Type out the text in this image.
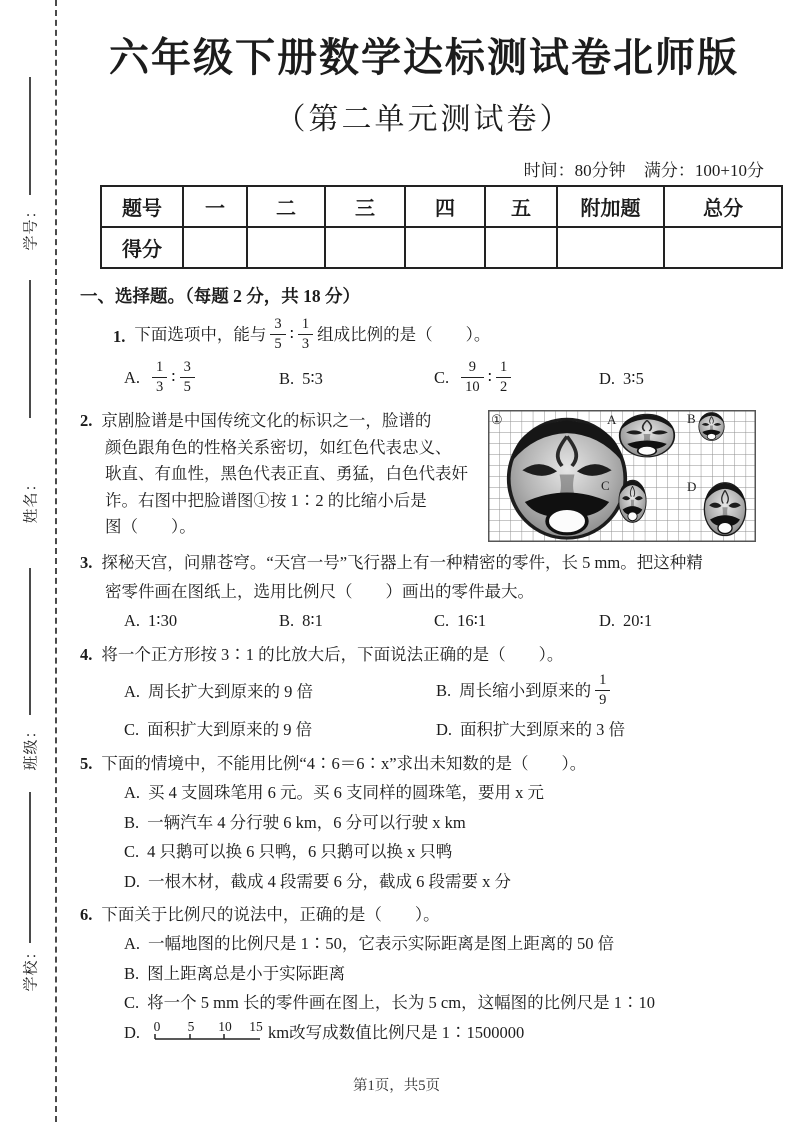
学号：
姓名：
班级：
学校：
六年级下册数学达标测试卷北师版
（第二单元测试卷）
时间：80分钟 满分：100+10分
题号	一	二	三	四	五	附加题	总分
得分							
一、选择题。（每题 2 分，共 18 分）
1. 下面选项中，能与 $\frac{3}{5}$ ∶ $\frac{1}{3}$ 组成比例的是（　　）。
A. $\frac{1}{3}$ ∶ $\frac{3}{5}$	B. 5∶3	C. $\frac{9}{10}$ ∶ $\frac{1}{2}$	D. 3∶5
2. 京剧脸谱是中国传统文化的标识之一，脸谱的
颜色跟角色的性格关系密切，如红色代表忠义、
耿直、有血性，黑色代表正直、勇猛，白色代表奸
诈。右图中把脸谱图①按 1∶2 的比缩小后是
图（　　）。
①	A	B
C	D
3. 探秘天宫，问鼎苍穹。“天宫一号”飞行器上有一种精密的零件，长 5 mm。把这种精
密零件画在图纸上，选用比例尺（　　）画出的零件最大。
A. 1∶30	B. 8∶1	C. 16∶1	D. 20∶1
4. 将一个正方形按 3∶1 的比放大后，下面说法正确的是（　　）。
A. 周长扩大到原来的 9 倍	B. 周长缩小到原来的 $\frac{1}{9}$
C. 面积扩大到原来的 9 倍	D. 面积扩大到原来的 3 倍
5. 下面的情境中，不能用比例“4∶6＝6∶x”求出未知数的是（　　）。
A. 买 4 支圆珠笔用 6 元。买 6 支同样的圆珠笔，要用 x 元
B. 一辆汽车 4 分行驶 6 km，6 分可以行驶 x km
C. 4 只鹅可以换 6 只鸭，6 只鹅可以换 x 只鸭
D. 一根木材，截成 4 段需要 6 分，截成 6 段需要 x 分
6. 下面关于比例尺的说法中，正确的是（　　）。
A. 一幅地图的比例尺是 1∶50，它表示实际距离是图上距离的 50 倍
B. 图上距离总是小于实际距离
C. 将一个 5 mm 长的零件画在图上，长为 5 cm，这幅图的比例尺是 1∶10
D. 0 5 10 15 km改写成数值比例尺是 1∶1500000
第1页，共5页
